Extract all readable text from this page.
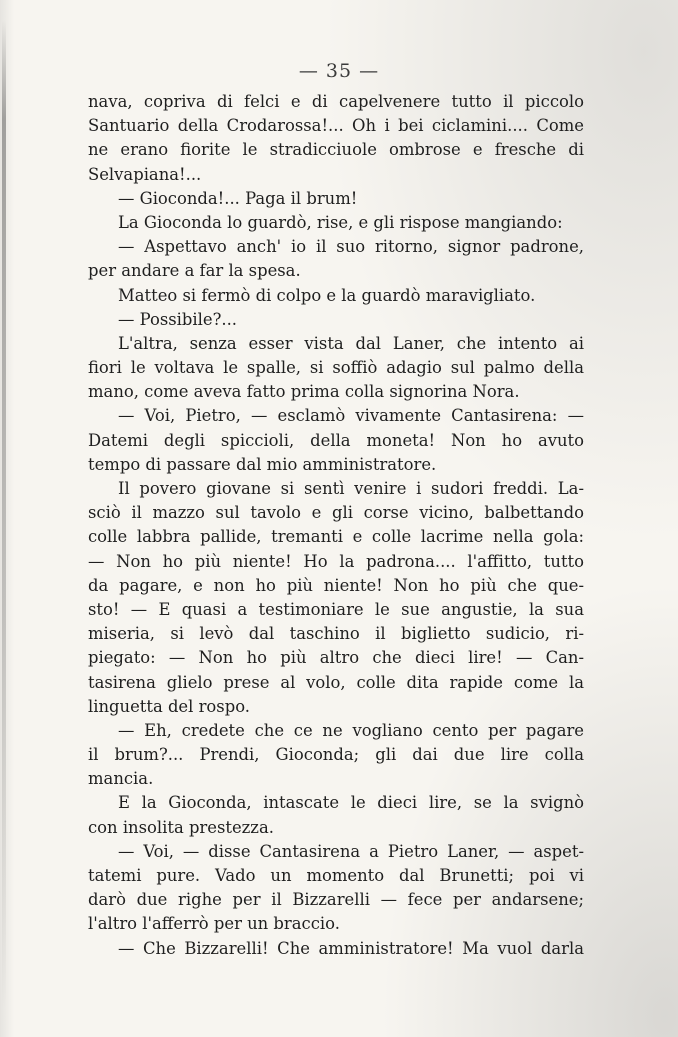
— 35 —
nava, copriva di felci e di capelvenere tutto il piccolo
Santuario della Crodarossa!... Oh i bei ciclamini.... Come
ne erano fiorite le stradicciuole ombrose e fresche di
Selvapiana!...
— Gioconda!... Paga il brum!
La Gioconda lo guardò, rise, e gli rispose mangiando:
— Aspettavo anch' io il suo ritorno, signor padrone,
per andare a far la spesa.
Matteo si fermò di colpo e la guardò maravigliato.
— Possibile?...
L'altra, senza esser vista dal Laner, che intento ai
fiori le voltava le spalle, si soffiò adagio sul palmo della
mano, come aveva fatto prima colla signorina Nora.
— Voi, Pietro, — esclamò vivamente Cantasirena: —
Datemi degli spiccioli, della moneta! Non ho avuto
tempo di passare dal mio amministratore.
Il povero giovane si sentì venire i sudori freddi. La-
sciò il mazzo sul tavolo e gli corse vicino, balbettando
colle labbra pallide, tremanti e colle lacrime nella gola:
— Non ho più niente! Ho la padrona.... l'affitto, tutto
da pagare, e non ho più niente! Non ho più che que-
sto! — E quasi a testimoniare le sue angustie, la sua
miseria, si levò dal taschino il biglietto sudicio, ri-
piegato: — Non ho più altro che dieci lire! — Can-
tasirena glielo prese al volo, colle dita rapide come la
linguetta del rospo.
— Eh, credete che ce ne vogliano cento per pagare
il brum?... Prendi, Gioconda; gli dai due lire colla
mancia.
E la Gioconda, intascate le dieci lire, se la svignò
con insolita prestezza.
— Voi, — disse Cantasirena a Pietro Laner, — aspet-
tatemi pure. Vado un momento dal Brunetti; poi vi
darò due righe per il Bizzarelli — fece per andarsene;
l'altro l'afferrò per un braccio.
— Che Bizzarelli! Che amministratore! Ma vuol darla
